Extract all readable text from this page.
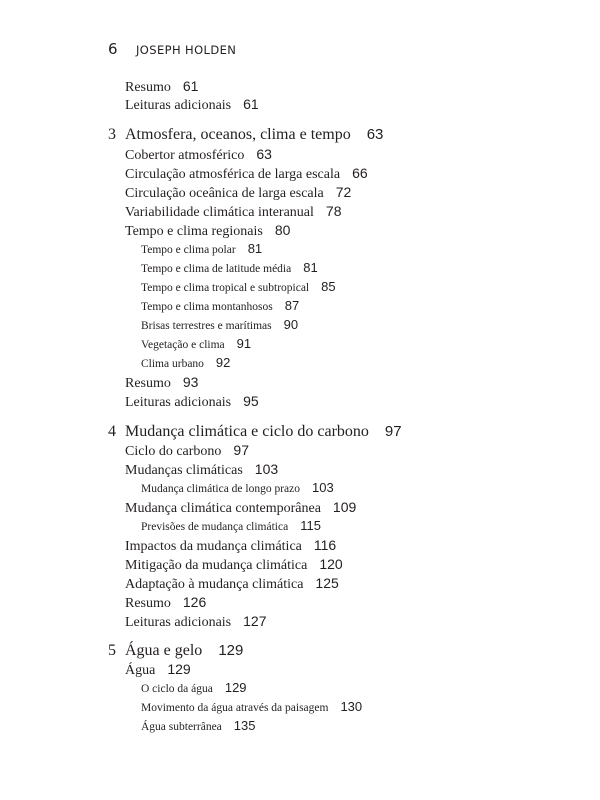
6	JOSEPH HOLDEN
Resumo 61
Leituras adicionais 61
3 Atmosfera, oceanos, clima e tempo 63
Cobertor atmosférico 63
Circulação atmosférica de larga escala 66
Circulação oceânica de larga escala 72
Variabilidade climática interanual 78
Tempo e clima regionais 80
Tempo e clima polar 81
Tempo e clima de latitude média 81
Tempo e clima tropical e subtropical 85
Tempo e clima montanhosos 87
Brisas terrestres e marítimas 90
Vegetação e clima 91
Clima urbano 92
Resumo 93
Leituras adicionais 95
4 Mudança climática e ciclo do carbono 97
Ciclo do carbono 97
Mudanças climáticas 103
Mudança climática de longo prazo 103
Mudança climática contemporânea 109
Previsões de mudança climática 115
Impactos da mudança climática 116
Mitigação da mudança climática 120
Adaptação à mudança climática 125
Resumo 126
Leituras adicionais 127
5 Água e gelo 129
Água 129
O ciclo da água 129
Movimento da água através da paisagem 130
Água subterrânea 135
